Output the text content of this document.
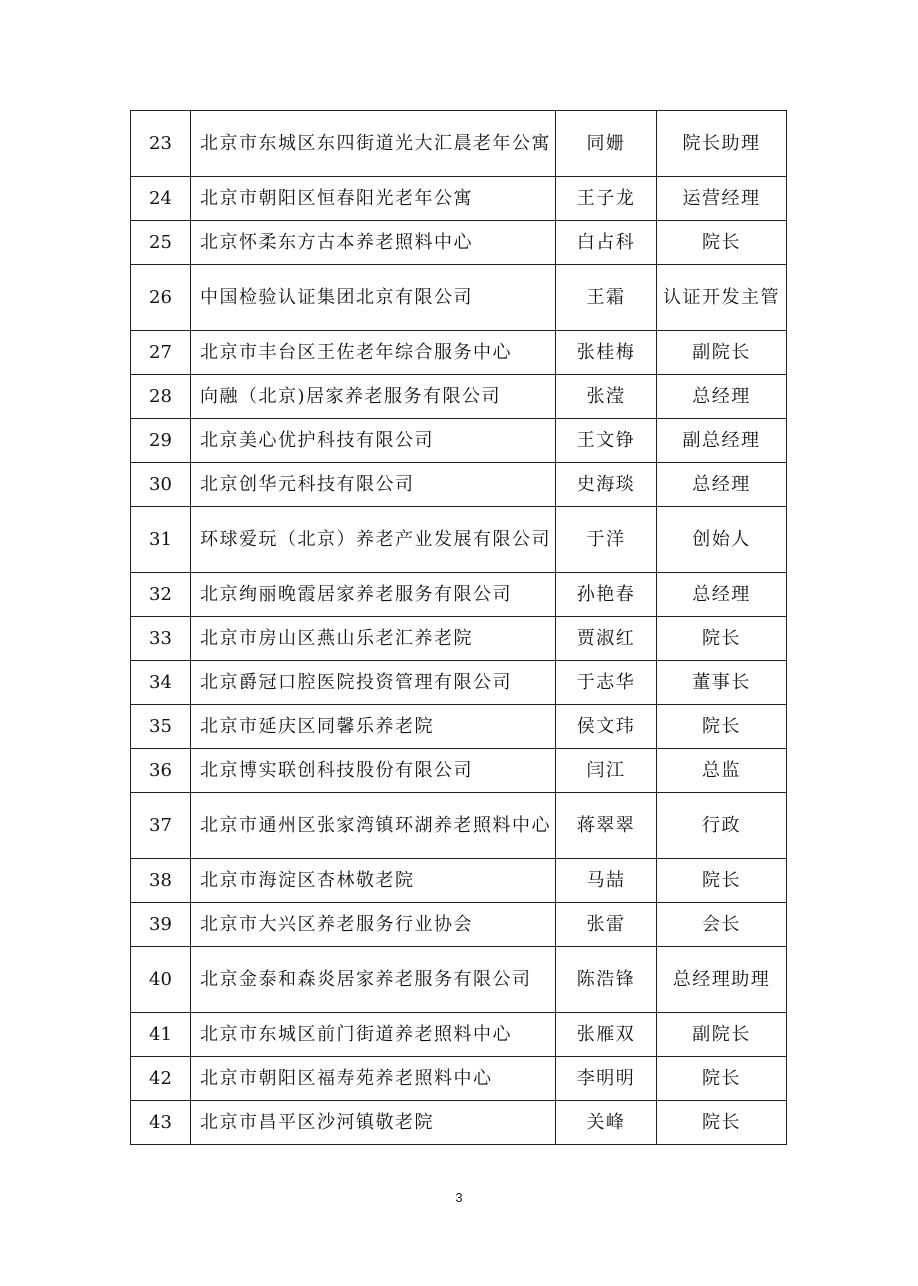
23	北京市东城区东四街道光大汇晨老年公寓	同姗	院长助理
24	北京市朝阳区恒春阳光老年公寓	王子龙	运营经理
25	北京怀柔东方古本养老照料中心	白占科	院长
26	中国检验认证集团北京有限公司	王霜	认证开发主管
27	北京市丰台区王佐老年综合服务中心	张桂梅	副院长
28	向融（北京)居家养老服务有限公司	张滢	总经理
29	北京美心优护科技有限公司	王文铮	副总经理
30	北京创华元科技有限公司	史海琰	总经理
31	环球爱玩（北京）养老产业发展有限公司	于洋	创始人
32	北京绚丽晚霞居家养老服务有限公司	孙艳春	总经理
33	北京市房山区燕山乐老汇养老院	贾淑红	院长
34	北京爵冠口腔医院投资管理有限公司	于志华	董事长
35	北京市延庆区同馨乐养老院	侯文玮	院长
36	北京博实联创科技股份有限公司	闫江	总监
37	北京市通州区张家湾镇环湖养老照料中心	蒋翠翠	行政
38	北京市海淀区杏林敬老院	马喆	院长
39	北京市大兴区养老服务行业协会	张雷	会长
40	北京金泰和森炎居家养老服务有限公司	陈浩锋	总经理助理
41	北京市东城区前门街道养老照料中心	张雁双	副院长
42	北京市朝阳区福寿苑养老照料中心	李明明	院长
43	北京市昌平区沙河镇敬老院	关峰	院长
3
